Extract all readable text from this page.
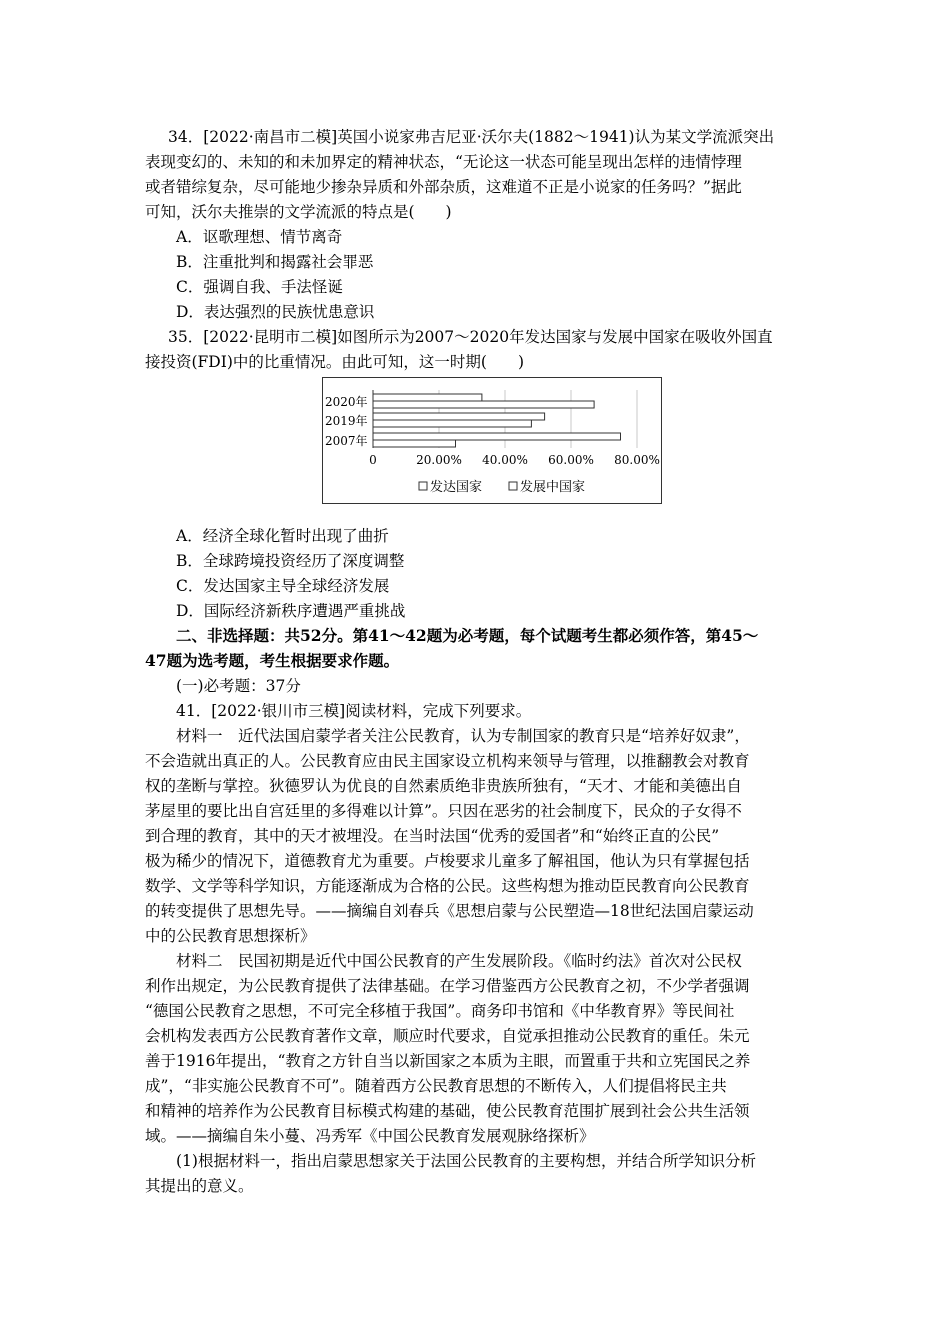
34．[2022·南昌市二模]英国小说家弗吉尼亚·沃尔夫(1882～1941)认为某文学流派突出
表现变幻的、未知的和未加界定的精神状态，“无论这一状态可能呈现出怎样的违情悖理
或者错综复杂，尽可能地少掺杂异质和外部杂质，这难道不正是小说家的任务吗？”据此
可知，沃尔夫推崇的文学流派的特点是(　　)
A．讴歌理想、情节离奇
B．注重批判和揭露社会罪恶
C．强调自我、手法怪诞
D．表达强烈的民族忧患意识
35．[2022·昆明市二模]如图所示为2007～2020年发达国家与发展中国家在吸收外国直
接投资(FDI)中的比重情况。由此可知，这一时期(　　)
2020年
2019年
2007年
0	20.00% 40.00% 60.00% 80.00%
发达国家	发展中国家
A．经济全球化暂时出现了曲折
B．全球跨境投资经历了深度调整
C．发达国家主导全球经济发展
D．国际经济新秩序遭遇严重挑战
二、非选择题：共52分。第41～42题为必考题，每个试题考生都必须作答，第45～
47题为选考题，考生根据要求作题。
(一)必考题：37分
41．[2022·银川市三模]阅读材料，完成下列要求。
材料一　近代法国启蒙学者关注公民教育，认为专制国家的教育只是“培养好奴隶”，
不会造就出真正的人。公民教育应由民主国家设立机构来领导与管理，以推翻教会对教育
权的垄断与掌控。狄德罗认为优良的自然素质绝非贵族所独有，“天才、才能和美德出自
茅屋里的要比出自宫廷里的多得难以计算”。只因在恶劣的社会制度下，民众的子女得不
到合理的教育，其中的天才被埋没。在当时法国“优秀的爱国者”和“始终正直的公民”
极为稀少的情况下，道德教育尤为重要。卢梭要求儿童多了解祖国，他认为只有掌握包括
数学、文学等科学知识，方能逐渐成为合格的公民。这些构想为推动臣民教育向公民教育
的转变提供了思想先导。——摘编自刘春兵《思想启蒙与公民塑造—18世纪法国启蒙运动
中的公民教育思想探析》
材料二　民国初期是近代中国公民教育的产生发展阶段。《临时约法》首次对公民权
利作出规定，为公民教育提供了法律基础。在学习借鉴西方公民教育之初，不少学者强调
“德国公民教育之思想，不可完全移植于我国”。商务印书馆和《中华教育界》等民间社
会机构发表西方公民教育著作文章，顺应时代要求，自觉承担推动公民教育的重任。朱元
善于1916年提出，“教育之方针自当以新国家之本质为主眼，而置重于共和立宪国民之养
成”，“非实施公民教育不可”。随着西方公民教育思想的不断传入，人们提倡将民主共
和精神的培养作为公民教育目标模式构建的基础，使公民教育范围扩展到社会公共生活领
域。——摘编自朱小蔓、冯秀军《中国公民教育发展观脉络探析》
(1)根据材料一，指出启蒙思想家关于法国公民教育的主要构想，并结合所学知识分析
其提出的意义。
